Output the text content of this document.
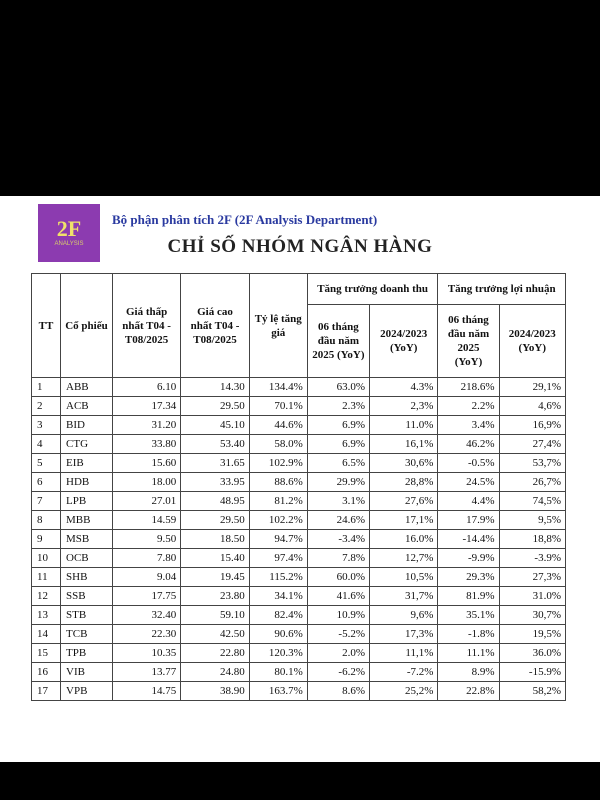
2F
ANALYSIS
Bộ phận phân tích 2F (2F Analysis Department)
CHỈ SỐ NHÓM NGÂN HÀNG
TT	Cổ phiếu	Giá thấp nhất T04 - T08/2025	Giá cao nhất T04 - T08/2025	Tỷ lệ tăng giá	Tăng trưởng doanh thu		Tăng trưởng lợi nhuận	
					06 tháng đầu năm 2025 (YoY)	2024/2023 (YoY)	06 tháng đầu năm 2025 (YoY)	2024/2023 (YoY)
1	ABB	6.10	14.30	134.4%	63.0%	4.3%	218.6%	29,1%
2	ACB	17.34	29.50	70.1%	2.3%	2,3%	2.2%	4,6%
3	BID	31.20	45.10	44.6%	6.9%	11.0%	3.4%	16,9%
4	CTG	33.80	53.40	58.0%	6.9%	16,1%	46.2%	27,4%
5	EIB	15.60	31.65	102.9%	6.5%	30,6%	-0.5%	53,7%
6	HDB	18.00	33.95	88.6%	29.9%	28,8%	24.5%	26,7%
7	LPB	27.01	48.95	81.2%	3.1%	27,6%	4.4%	74,5%
8	MBB	14.59	29.50	102.2%	24.6%	17,1%	17.9%	9,5%
9	MSB	9.50	18.50	94.7%	-3.4%	16.0%	-14.4%	18,8%
10	OCB	7.80	15.40	97.4%	7.8%	12,7%	-9.9%	-3.9%
11	SHB	9.04	19.45	115.2%	60.0%	10,5%	29.3%	27,3%
12	SSB	17.75	23.80	34.1%	41.6%	31,7%	81.9%	31.0%
13	STB	32.40	59.10	82.4%	10.9%	9,6%	35.1%	30,7%
14	TCB	22.30	42.50	90.6%	-5.2%	17,3%	-1.8%	19,5%
15	TPB	10.35	22.80	120.3%	2.0%	11,1%	11.1%	36.0%
16	VIB	13.77	24.80	80.1%	-6.2%	-7.2%	8.9%	-15.9%
17	VPB	14.75	38.90	163.7%	8.6%	25,2%	22.8%	58,2%
